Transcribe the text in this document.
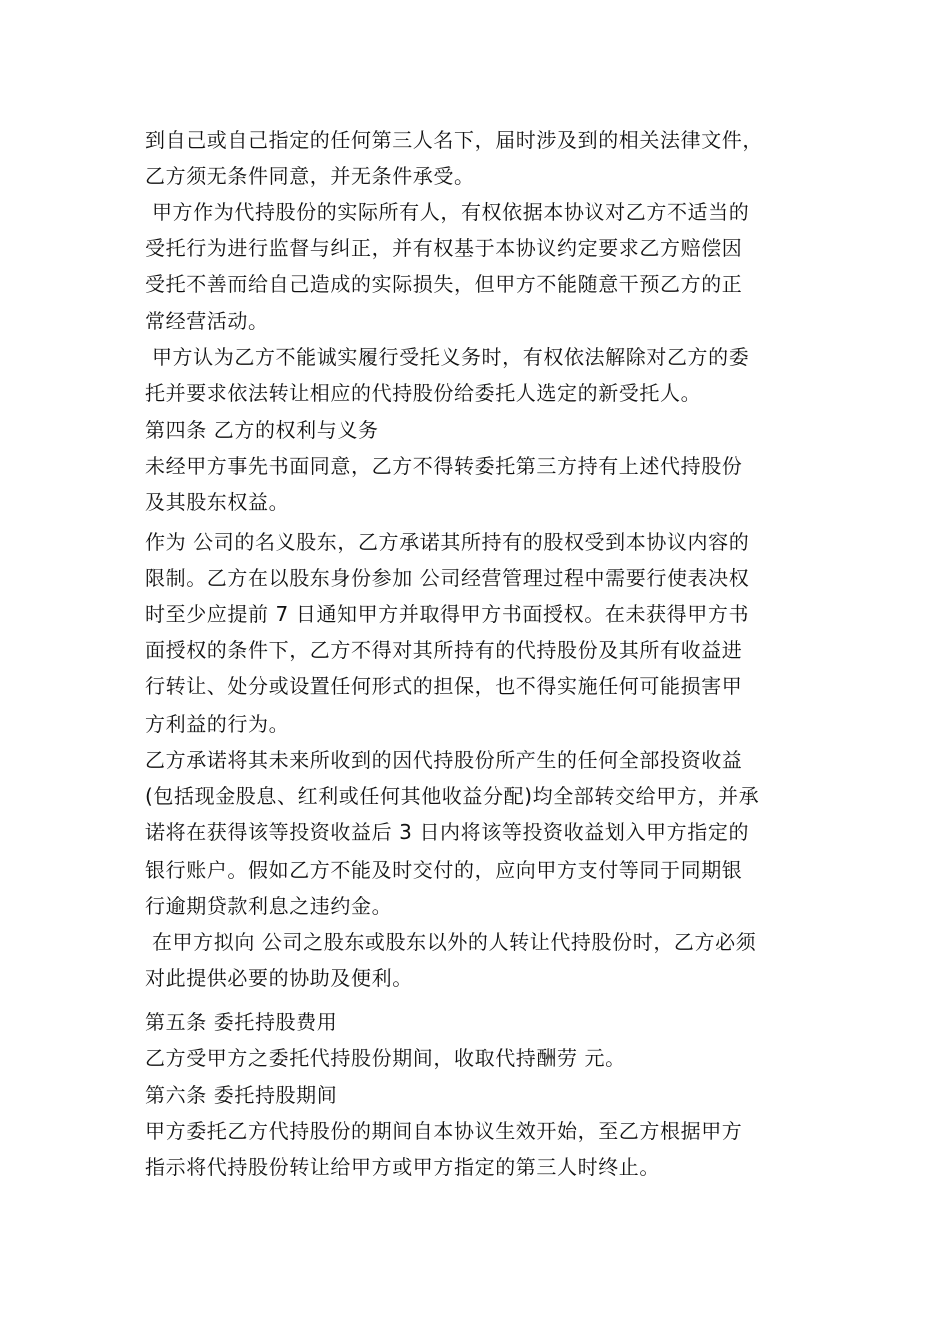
到自己或自己指定的任何第三人名下，届时涉及到的相关法律文件，

乙方须无条件同意，并无条件承受。

甲方作为代持股份的实际所有人，有权依据本协议对乙方不适当的

受托行为进行监督与纠正，并有权基于本协议约定要求乙方赔偿因

受托不善而给自己造成的实际损失，但甲方不能随意干预乙方的正

常经营活动。

甲方认为乙方不能诚实履行受托义务时，有权依法解除对乙方的委

托并要求依法转让相应的代持股份给委托人选定的新受托人。

第四条 乙方的权利与义务

未经甲方事先书面同意，乙方不得转委托第三方持有上述代持股份

及其股东权益。

作为 公司的名义股东，乙方承诺其所持有的股权受到本协议内容的

限制。乙方在以股东身份参加 公司经营管理过程中需要行使表决权

时至少应提前 7 日通知甲方并取得甲方书面授权。在未获得甲方书

面授权的条件下，乙方不得对其所持有的代持股份及其所有收益进

行转让、处分或设置任何形式的担保，也不得实施任何可能损害甲

方利益的行为。

乙方承诺将其未来所收到的因代持股份所产生的任何全部投资收益

(包括现金股息、红利或任何其他收益分配)均全部转交给甲方，并承

诺将在获得该等投资收益后 3 日内将该等投资收益划入甲方指定的

银行账户。假如乙方不能及时交付的，应向甲方支付等同于同期银

行逾期贷款利息之违约金。

在甲方拟向 公司之股东或股东以外的人转让代持股份时，乙方必须

对此提供必要的协助及便利。

第五条 委托持股费用

乙方受甲方之委托代持股份期间，收取代持酬劳 元。

第六条 委托持股期间

甲方委托乙方代持股份的期间自本协议生效开始，至乙方根据甲方

指示将代持股份转让给甲方或甲方指定的第三人时终止。
